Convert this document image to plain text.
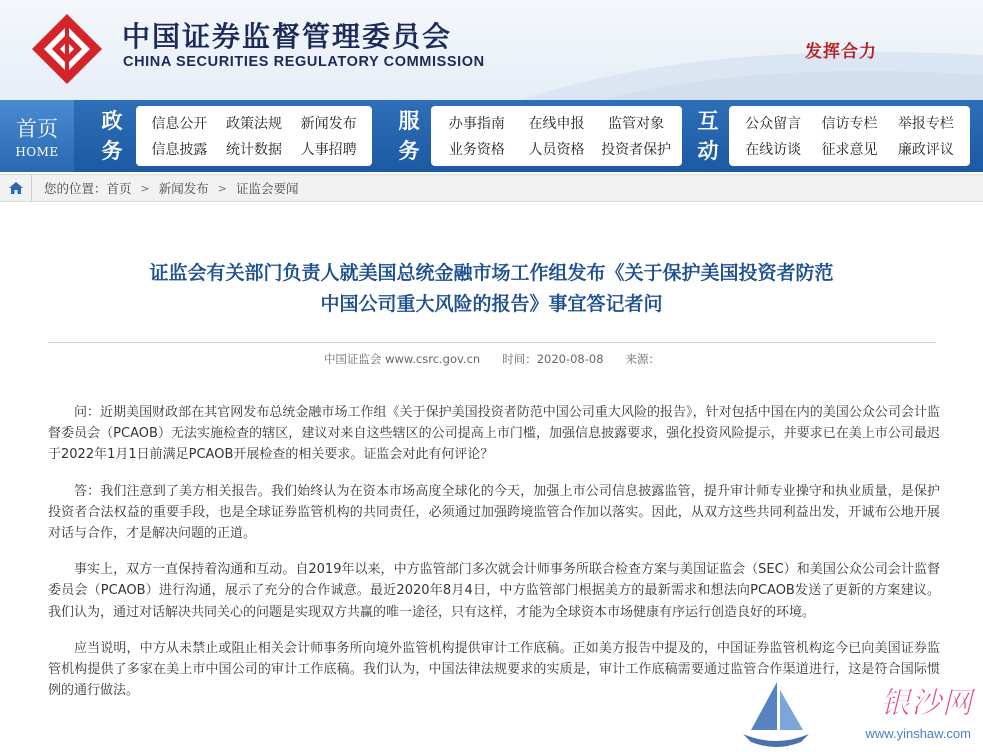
中国证券监督管理委员会
CHINA SECURITIES REGULATORY COMMISSION	发挥合力
首页
HOME
政务
信息公开 政策法规 新闻发布
信息披露 统计数据 人事招聘
服务
办事指南 在线申报 监管对象
业务资格 人员资格 投资者保护
互动
公众留言 信访专栏 举报专栏
在线访谈 征求意见 廉政评议
您的位置： 首页 > 新闻发布 > 证监会要闻
证监会有关部门负责人就美国总统金融市场工作组发布《关于保护美国投资者防范
中国公司重大风险的报告》事宜答记者问
中国证监会 www.csrc.gov.cn 时间：2020-08-08 来源：

问：近期美国财政部在其官网发布总统金融市场工作组《关于保护美国投资者防范中国公司重大风险的报告》，针对包括中国在内的美国公众公司会计监督委员会（PCAOB）无法实施检查的辖区，建议对来自这些辖区的公司提高上市门槛，加强信息披露要求，强化投资风险提示，并要求已在美上市公司最迟于2022年1月1日前满足PCAOB开展检查的相关要求。证监会对此有何评论？

答：我们注意到了美方相关报告。我们始终认为在资本市场高度全球化的今天，加强上市公司信息披露监管，提升审计师专业操守和执业质量，是保护投资者合法权益的重要手段，也是全球证券监管机构的共同责任，必须通过加强跨境监管合作加以落实。因此，从双方这些共同利益出发，开诚布公地开展对话与合作，才是解决问题的正道。

事实上，双方一直保持着沟通和互动。自2019年以来，中方监管部门多次就会计师事务所联合检查方案与美国证监会（SEC）和美国公众公司会计监督委员会（PCAOB）进行沟通，展示了充分的合作诚意。最近2020年8月4日，中方监管部门根据美方的最新需求和想法向PCAOB发送了更新的方案建议。我们认为，通过对话解决共同关心的问题是实现双方共赢的唯一途径，只有这样，才能为全球资本市场健康有序运行创造良好的环境。

应当说明，中方从未禁止或阻止相关会计师事务所向境外监管机构提供审计工作底稿。正如美方报告中提及的，中国证券监管机构迄今已向美国证券监管机构提供了多家在美上市中国公司的审计工作底稿。我们认为，中国法律法规要求的实质是，审计工作底稿需要通过监管合作渠道进行，这是符合国际惯例的通行做法。	银沙网
www.yinshaw.com
